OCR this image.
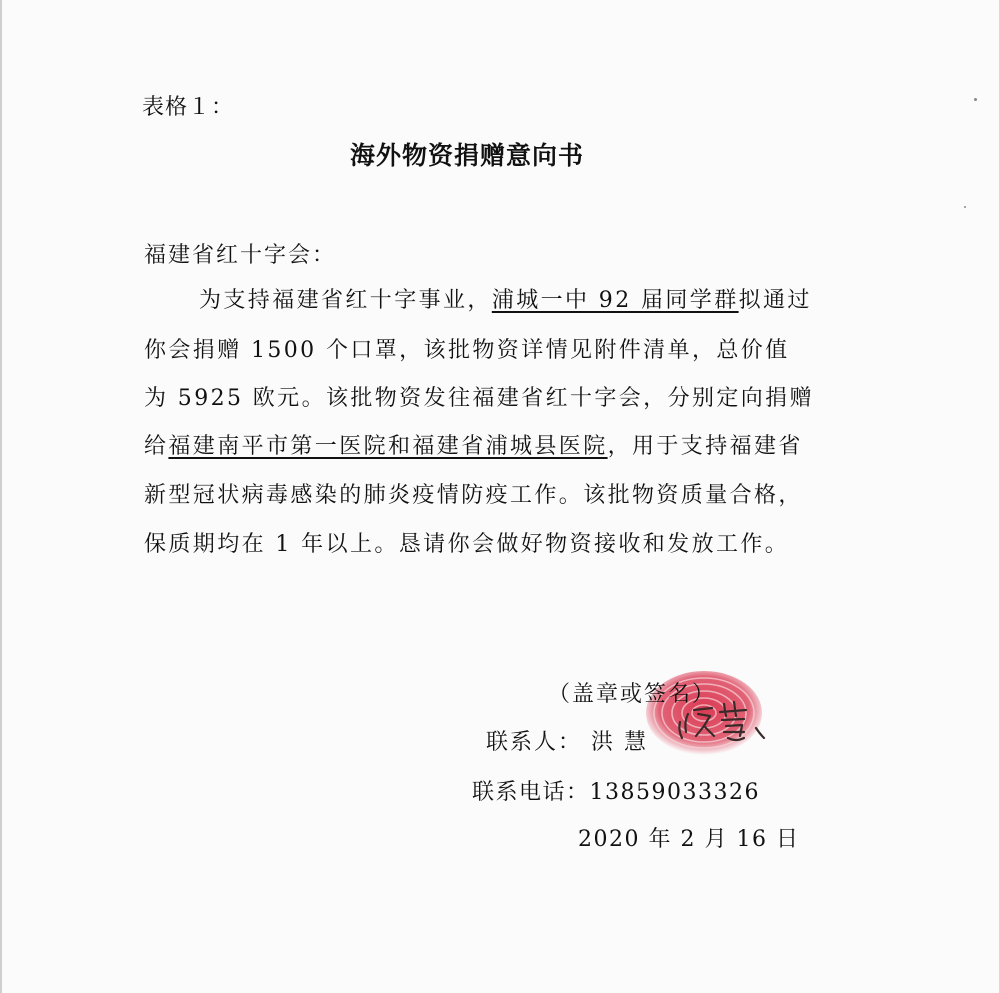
表格１：
海外物资捐赠意向书
福建省红十字会：
为支持福建省红十字事业，浦城一中 92 届同学群拟通过
你会捐赠 1500 个口罩，该批物资详情见附件清单，总价值
为 5925 欧元。该批物资发往福建省红十字会，分别定向捐赠
给福建南平市第一医院和福建省浦城县医院，用于支持福建省
新型冠状病毒感染的肺炎疫情防疫工作。该批物资质量合格，
保质期均在 1 年以上。恳请你会做好物资接收和发放工作。
（盖章或签名）
联系人： 洪 慧
联系电话：13859033326
2020 年 2 月 16 日
